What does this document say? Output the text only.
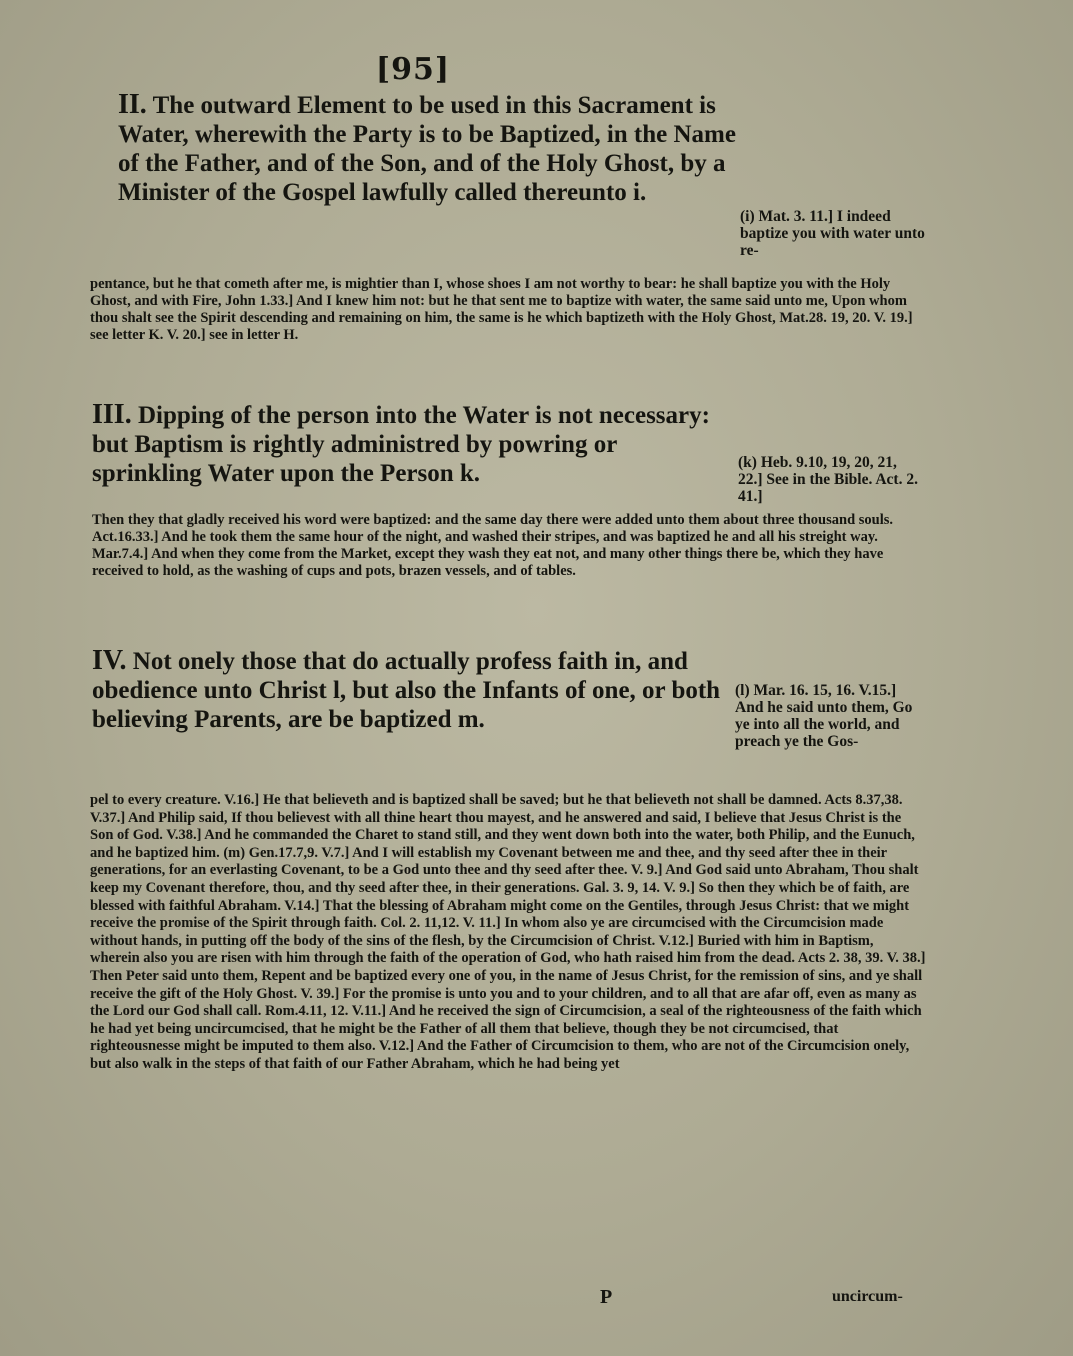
[95]
II. The outward Element to be used in this Sacrament is Water, wherewith the Party is to be Baptized, in the Name of the Father, and of the Son, and of the Holy Ghost, by a Minister of the Gospel lawfully called thereunto i.
(i) Mat. 3. 11.] I indeed baptize you with water unto re-
pentance, but he that cometh after me, is mightier than I, whose shoes I am not worthy to bear: he shall baptize you with the Holy Ghost, and with Fire, John 1.33.] And I knew him not: but he that sent me to baptize with water, the same said unto me, Upon whom thou shalt see the Spirit descending and remaining on him, the same is he which baptizeth with the Holy Ghost, Mat.28. 19, 20. V. 19.] see letter K. V. 20.] see in letter H.
III. Dipping of the person into the Water is not necessary: but Baptism is rightly administred by powring or sprinkling Water upon the Person k.	(k) Heb. 9.10, 19, 20, 21, 22.] See in the Bible. Act. 2. 41.]
Then they that gladly received his word were baptized: and the same day there were added unto them about three thousand souls. Act.16.33.] And he took them the same hour of the night, and washed their stripes, and was baptized he and all his streight way. Mar.7.4.] And when they come from the Market, except they wash they eat not, and many other things there be, which they have received to hold, as the washing of cups and pots, brazen vessels, and of tables.
IV. Not onely those that do actually profess faith in, and obedience unto Christ l, but also the Infants of one, or both believing Parents, are be baptized m.
(l) Mar. 16. 15, 16. V.15.] And he said unto them, Go ye into all the world, and preach ye the Gos-
pel to every creature. V.16.] He that believeth and is baptized shall be saved; but he that believeth not shall be damned. Acts 8.37,38. V.37.] And Philip said, If thou believest with all thine heart thou mayest, and he answered and said, I believe that Jesus Christ is the Son of God. V.38.] And he commanded the Charet to stand still, and they went down both into the water, both Philip, and the Eunuch, and he baptized him. (m) Gen.17.7,9. V.7.] And I will establish my Covenant between me and thee, and thy seed after thee in their generations, for an everlasting Covenant, to be a God unto thee and thy seed after thee. V. 9.] And God said unto Abraham, Thou shalt keep my Covenant therefore, thou, and thy seed after thee, in their generations. Gal. 3. 9, 14. V. 9.] So then they which be of faith, are blessed with faithful Abraham. V.14.] That the blessing of Abraham might come on the Gentiles, through Jesus Christ: that we might receive the promise of the Spirit through faith. Col. 2. 11,12. V. 11.] In whom also ye are circumcised with the Circumcision made without hands, in putting off the body of the sins of the flesh, by the Circumcision of Christ. V.12.] Buried with him in Baptism, wherein also you are risen with him through the faith of the operation of God, who hath raised him from the dead. Acts 2. 38, 39. V. 38.] Then Peter said unto them, Repent and be baptized every one of you, in the name of Jesus Christ, for the remission of sins, and ye shall receive the gift of the Holy Ghost. V. 39.] For the promise is unto you and to your children, and to all that are afar off, even as many as the Lord our God shall call. Rom.4.11, 12. V.11.] And he received the sign of Circumcision, a seal of the righteousness of the faith which he had yet being uncircumcised, that he might be the Father of all them that believe, though they be not circumcised, that righteousnesse might be imputed to them also. V.12.] And the Father of Circumcision to them, who are not of the Circumcision onely, but also walk in the steps of that faith of our Father Abraham, which he had being yet
P	uncircum-
